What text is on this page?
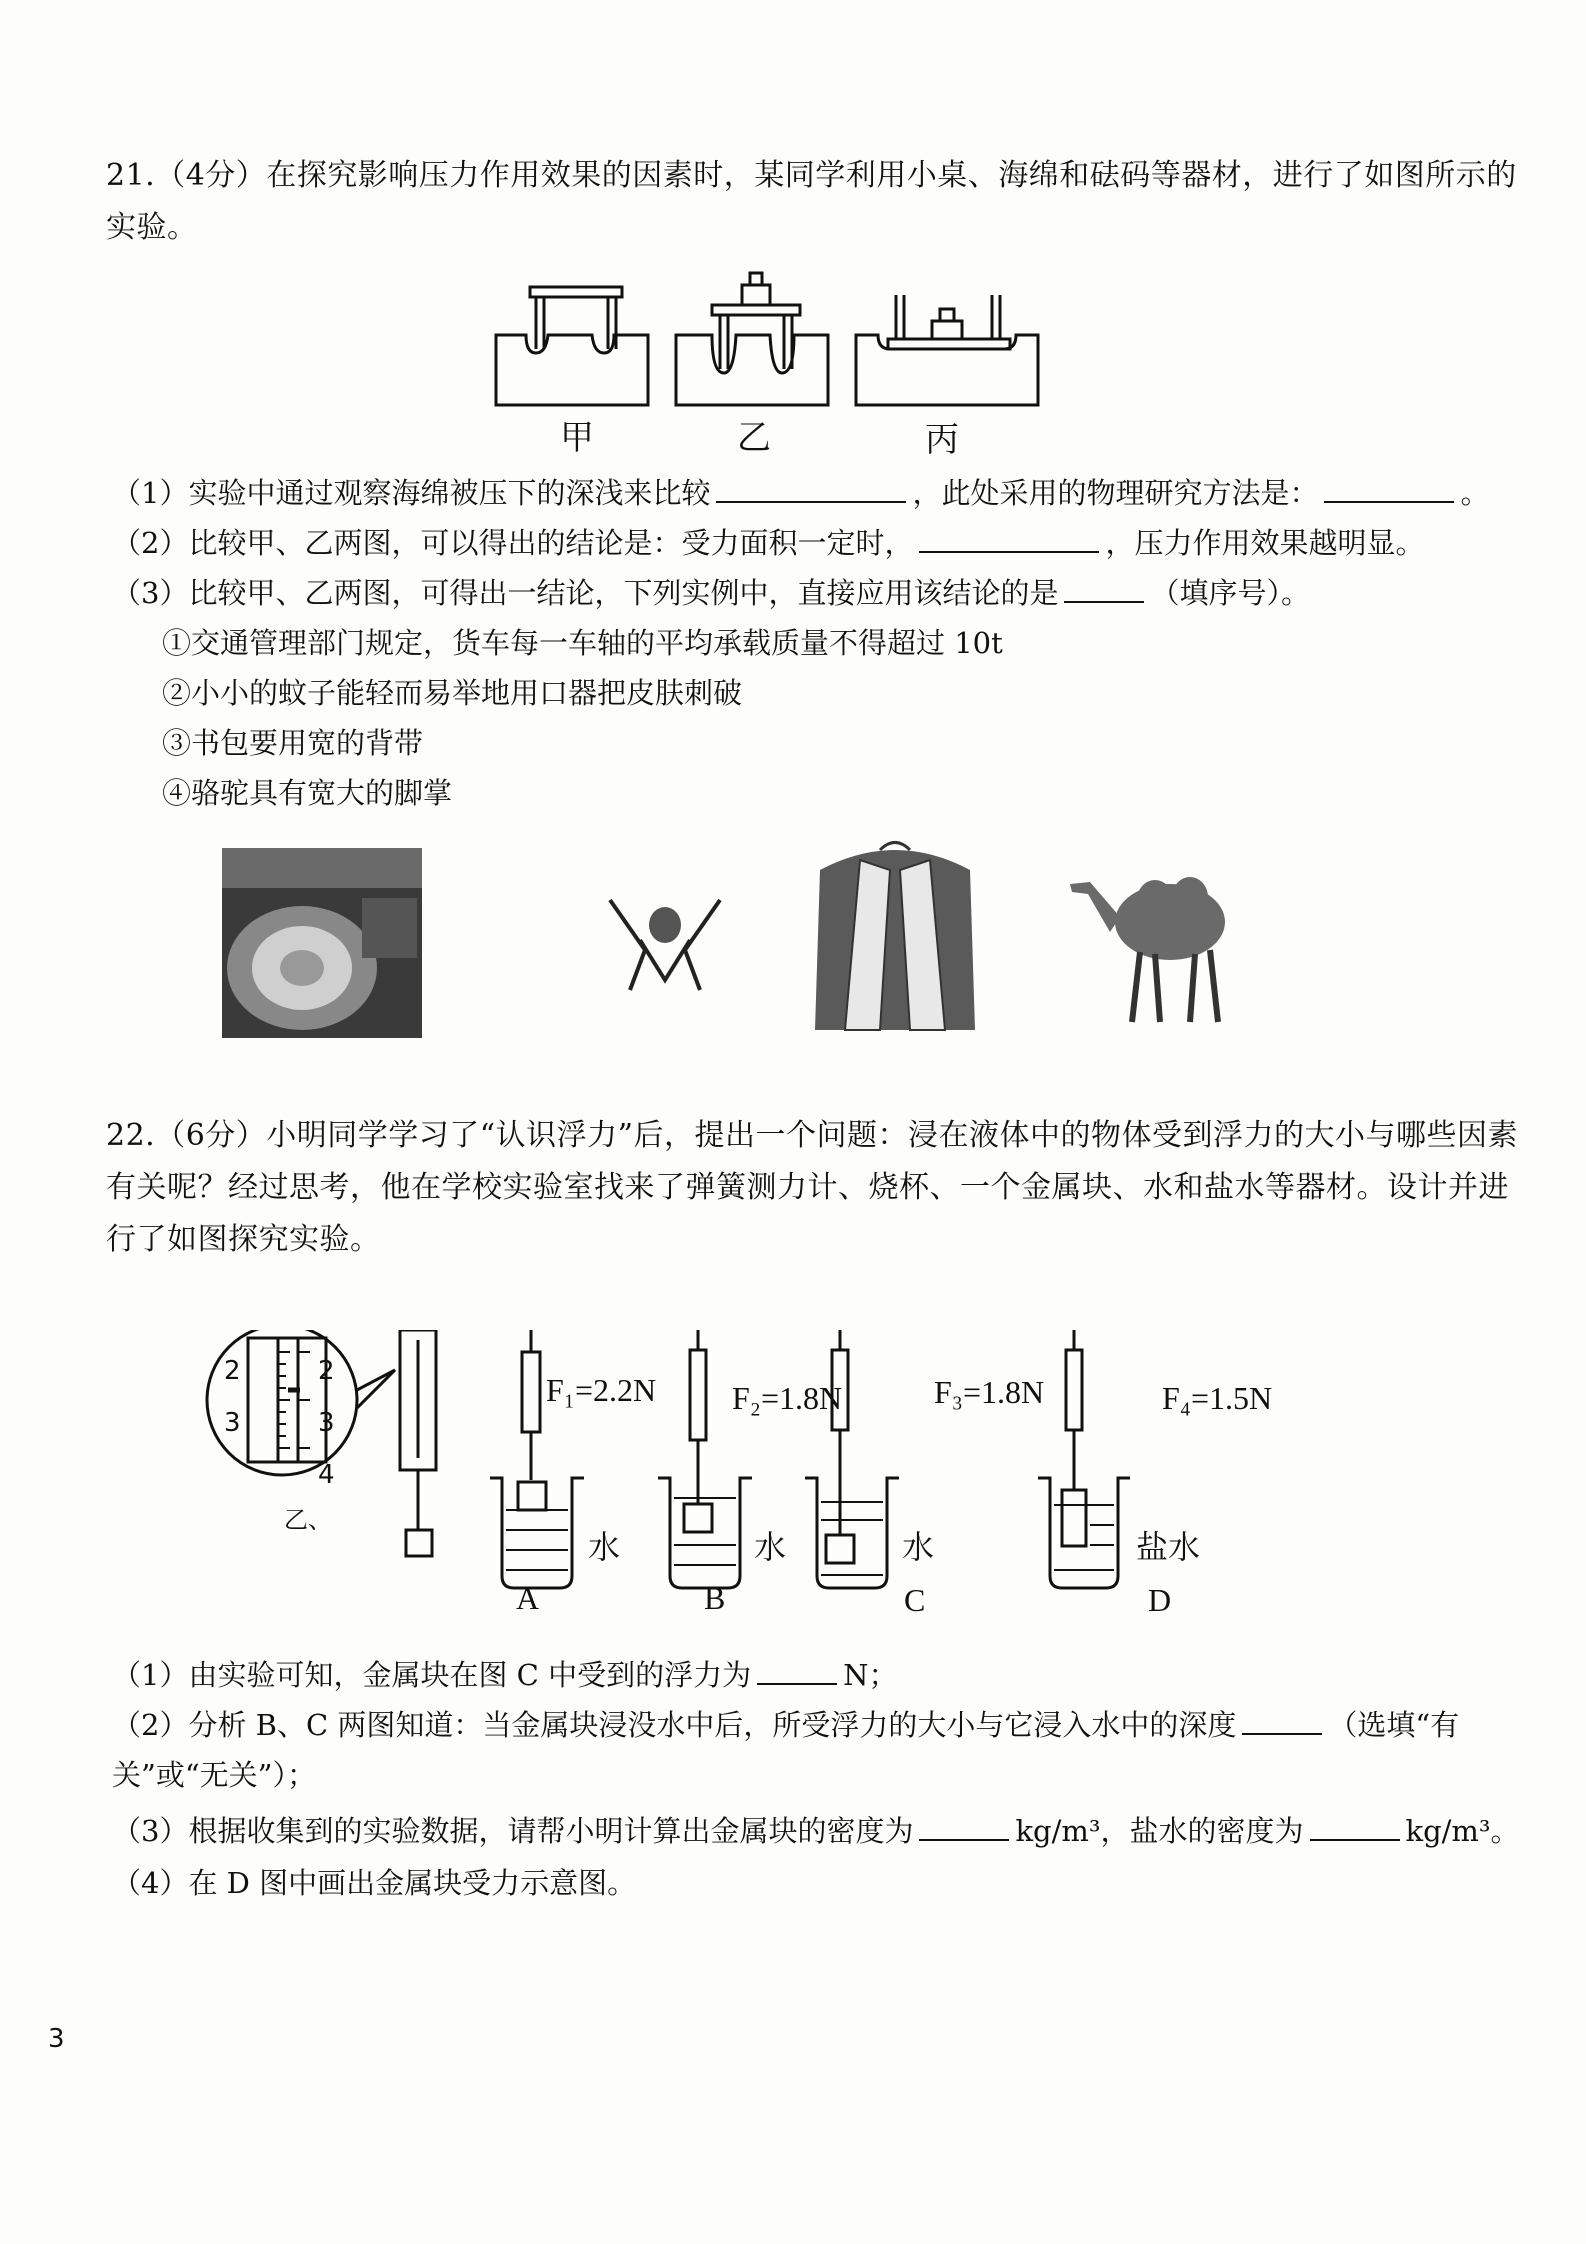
21.（4分）在探究影响压力作用效果的因素时，某同学利用小桌、海绵和砝码等器材，进行了如图所示的
实验。
甲	乙	丙
（1）实验中通过观察海绵被压下的深浅来比较	，此处采用的物理研究方法是：	。
（2）比较甲、乙两图，可以得出的结论是：受力面积一定时，	，压力作用效果越明显。
（3）比较甲、乙两图，可得出一结论，下列实例中，直接应用该结论的是	（填序号）。
①交通管理部门规定，货车每一车轴的平均承载质量不得超过 10t
②小小的蚊子能轻而易举地用口器把皮肤刺破
③书包要用宽的背带
④骆驼具有宽大的脚掌
22.（6分）小明同学学习了“认识浮力”后，提出一个问题：浸在液体中的物体受到浮力的大小与哪些因素
有关呢？经过思考，他在学校实验室找来了弹簧测力计、烧杯、一个金属块、水和盐水等器材。设计并进
行了如图探究实验。
2
3
2
3
4
乙、
F₁=2.2N F₂=1.8N	F₃=1.8N	F₄=1.5N
水	水	水	盐水
A	B	C	D
（1）由实验可知，金属块在图 C 中受到的浮力为	N；
（2）分析 B、C 两图知道：当金属块浸没水中后，所受浮力的大小与它浸入水中的深度	（选填“有
关”或“无关”）；
（3）根据收集到的实验数据，请帮小明计算出金属块的密度为	kg/m³，盐水的密度为	kg/m³。
（4）在 D 图中画出金属块受力示意图。
3
